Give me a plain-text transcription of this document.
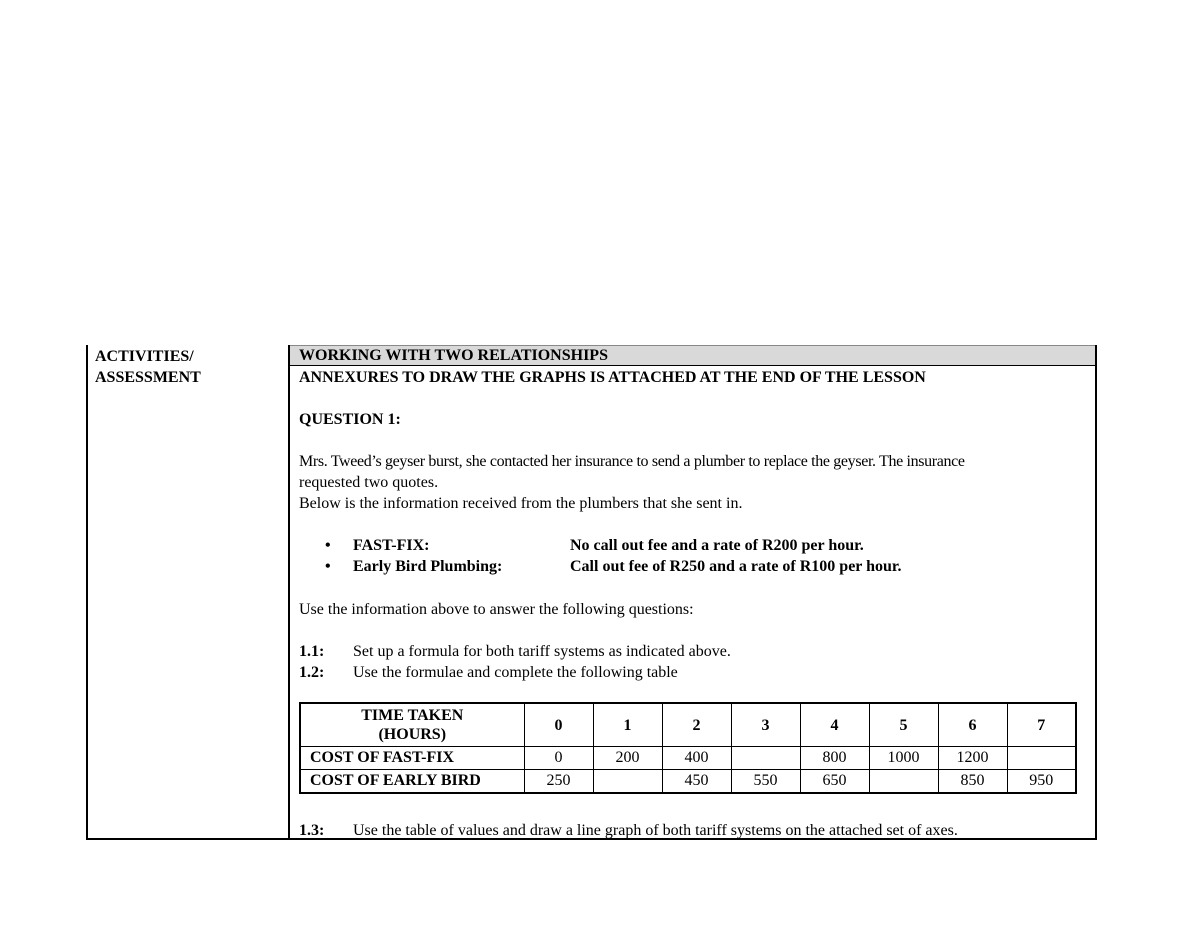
ACTIVITIES/
ASSESSMENT
WORKING WITH TWO RELATIONSHIPS
ANNEXURES TO DRAW THE GRAPHS IS ATTACHED AT THE END OF THE LESSON
QUESTION 1:
Mrs. Tweed’s geyser burst, she contacted her insurance to send a plumber to replace the geyser. The insurance
requested two quotes.
Below is the information received from the plumbers that she sent in.
• FAST-FIX:	No call out fee and a rate of R200 per hour.
• Early Bird Plumbing:	Call out fee of R250 and a rate of R100 per hour.
Use the information above to answer the following questions:
1.1: Set up a formula for both tariff systems as indicated above.
1.2: Use the formulae and complete the following table
TIME TAKEN
(HOURS)	0	1	2	3	4	5	6	7
COST OF FAST-FIX	0	200	400		800	1000	1200	
COST OF EARLY BIRD	250		450	550	650		850	950
1.3: Use the table of values and draw a line graph of both tariff systems on the attached set of axes.
